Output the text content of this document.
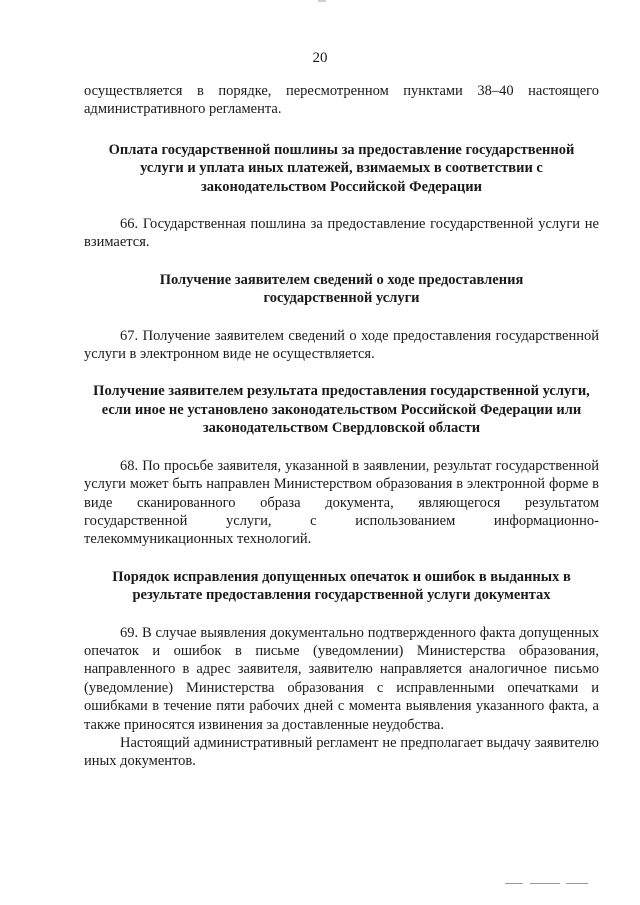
20

осуществляется в порядке, пересмотренном пунктами 38–40 настоящего административного регламента.

Оплата государственной пошлины за предоставление государственной услуги и уплата иных платежей, взимаемых в соответствии с законодательством Российской Федерации

66. Государственная пошлина за предоставление государственной услуги не взимается.

Получение заявителем сведений о ходе предоставления государственной услуги

67. Получение заявителем сведений о ходе предоставления государственной услуги в электронном виде не осуществляется.

Получение заявителем результата предоставления государственной услуги, если иное не установлено законодательством Российской Федерации или законодательством Свердловской области

68. По просьбе заявителя, указанной в заявлении, результат государственной услуги может быть направлен Министерством образования в электронной форме в виде сканированного образа документа, являющегося результатом государственной услуги, с использованием информационно-телекоммуникационных технологий.

Порядок исправления допущенных опечаток и ошибок в выданных в результате предоставления государственной услуги документах

69. В случае выявления документально подтвержденного факта допущенных опечаток и ошибок в письме (уведомлении) Министерства образования, направленного в адрес заявителя, заявителю направляется аналогичное письмо (уведомление) Министерства образования с исправленными опечатками и ошибками в течение пяти рабочих дней с момента выявления указанного факта, а также приносятся извинения за доставленные неудобства.

Настоящий административный регламент не предполагает выдачу заявителю иных документов.
